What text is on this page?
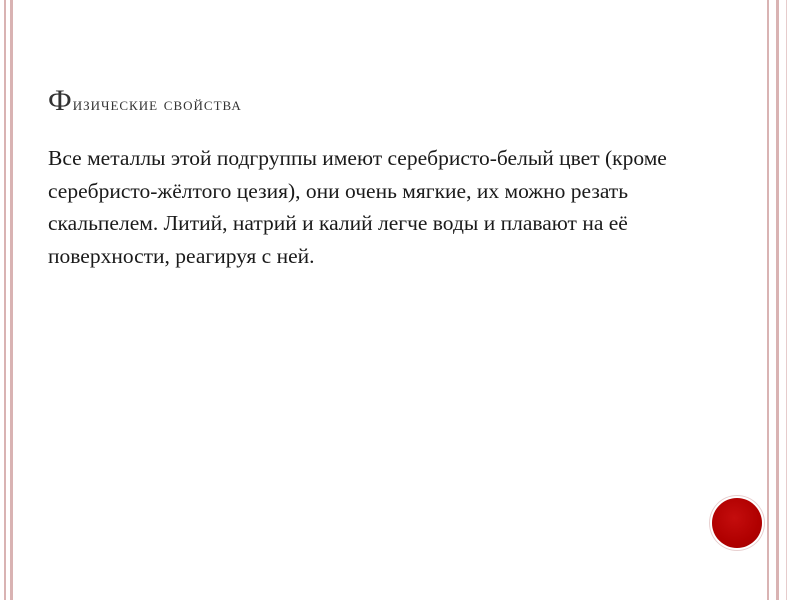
Физические свойства

Все металлы этой подгруппы имеют серебристо-белый цвет (кроме серебристо-жёлтого цезия), они очень мягкие, их можно резать скальпелем. Литий, натрий и калий легче воды и плавают на её поверхности, реагируя с ней.
